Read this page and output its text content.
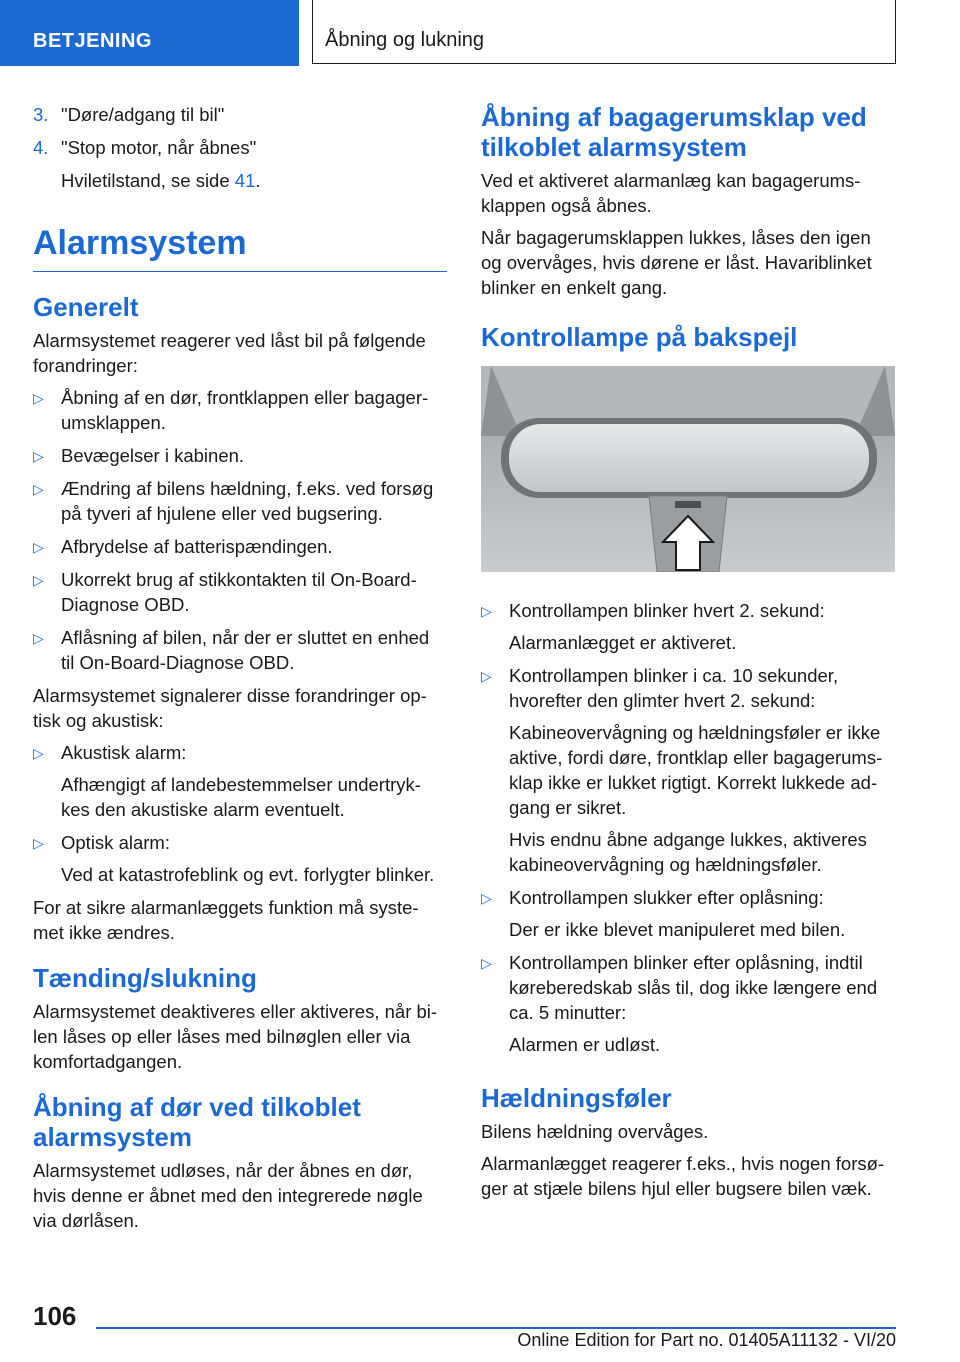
BETJENING	Åbning og lukning
3. "Døre/adgang til bil"
4. "Stop motor, når åbnes"

Hviletilstand, se side 41.

Alarmsystem
Generelt

Alarmsystemet reagerer ved låst bil på følgende forandringer:

▷ Åbning af en dør, frontklappen eller bagager-umsklappen.
▷ Bevægelser i kabinen.
▷ Ændring af bilens hældning, f.eks. ved forsøg på tyveri af hjulene eller ved bugsering.
▷ Afbrydelse af batterispændingen.
▷ Ukorrekt brug af stikkontakten til On-Board-Diagnose OBD.
▷ Aflåsning af bilen, når der er sluttet en enhed til On-Board-Diagnose OBD.

Alarmsystemet signalerer disse forandringer op-tisk og akustisk:

▷ Akustisk alarm:
Afhængigt af landebestemmelser undertryk-kes den akustiske alarm eventuelt.
▷ Optisk alarm:
Ved at katastrofeblink og evt. forlygter blinker.

For at sikre alarmanlæggets funktion må syste-met ikke ændres.

Tænding/slukning

Alarmsystemet deaktiveres eller aktiveres, når bi-len låses op eller låses med bilnøglen eller via komfortadgangen.

Åbning af dør ved tilkoblet alarmsystem

Alarmsystemet udløses, når der åbnes en dør, hvis denne er åbnet med den integrerede nøgle via dørlåsen.

Åbning af bagagerumsklap ved tilkoblet alarmsystem

Ved et aktiveret alarmanlæg kan bagagerums-klappen også åbnes.

Når bagagerumsklappen lukkes, låses den igen og overvåges, hvis dørene er låst. Havariblinket blinker en enkelt gang.

Kontrollampe på bakspejl
▷ Kontrollampen blinker hvert 2. sekund:
Alarmanlægget er aktiveret.
▷ Kontrollampen blinker i ca. 10 sekunder, hvorefter den glimter hvert 2. sekund:
Kabineovervågning og hældningsføler er ikke aktive, fordi døre, frontklap eller bagagerums-klap ikke er lukket rigtigt. Korrekt lukkede ad-gang er sikret.
Hvis endnu åbne adgange lukkes, aktiveres kabineovervågning og hældningsføler.
▷ Kontrollampen slukker efter oplåsning:
Der er ikke blevet manipuleret med bilen.
▷ Kontrollampen blinker efter oplåsning, indtil køreberedskab slås til, dog ikke længere end ca. 5 minutter:
Alarmen er udløst.
Hældningsføler

Bilens hældning overvåges.

Alarmanlægget reagerer f.eks., hvis nogen forsø-ger at stjæle bilens hjul eller bugsere bilen væk.

106
Online Edition for Part no. 01405A11132 - VI/20
